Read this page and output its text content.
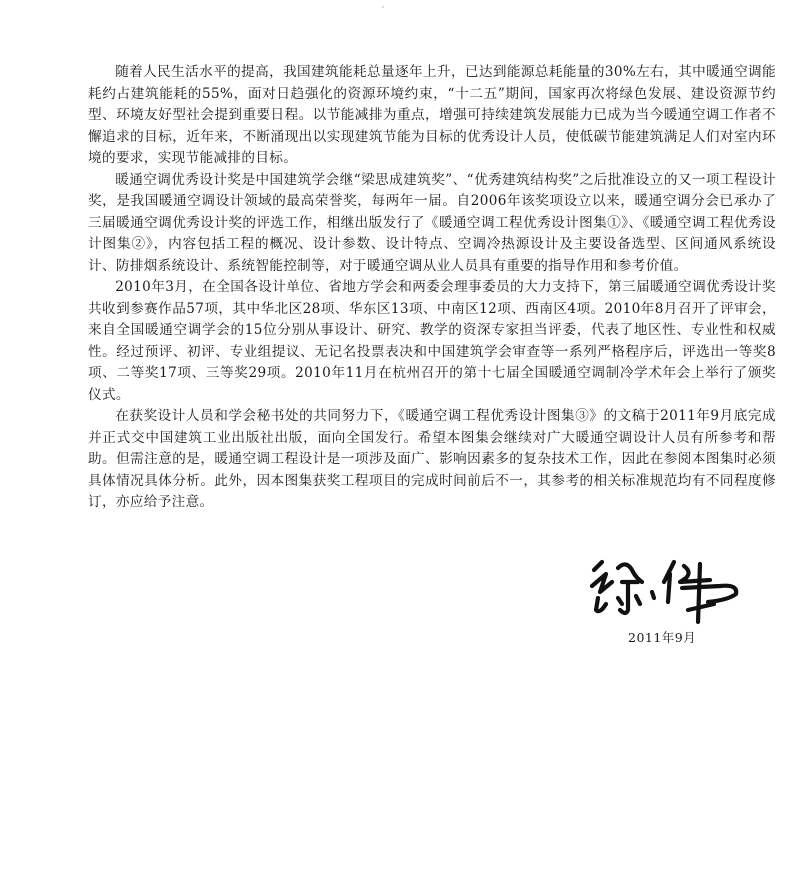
随着人民生活水平的提高，我国建筑能耗总量逐年上升，已达到能源总耗能量的30%左右，其中暖通空调能耗约占建筑能耗的55%，面对日趋强化的资源环境约束，“十二五”期间，国家再次将绿色发展、建设资源节约型、环境友好型社会提到重要日程。以节能减排为重点，增强可持续建筑发展能力已成为当今暖通空调工作者不懈追求的目标，近年来，不断涌现出以实现建筑节能为目标的优秀设计人员，使低碳节能建筑满足人们对室内环境的要求，实现节能减排的目标。

暖通空调优秀设计奖是中国建筑学会继“梁思成建筑奖”、“优秀建筑结构奖”之后批准设立的又一项工程设计奖，是我国暖通空调设计领域的最高荣誉奖，每两年一届。自2006年该奖项设立以来，暖通空调分会已承办了三届暖通空调优秀设计奖的评选工作，相继出版发行了《暖通空调工程优秀设计图集①》、《暖通空调工程优秀设计图集②》，内容包括工程的概况、设计参数、设计特点、空调冷热源设计及主要设备选型、区间通风系统设计、防排烟系统设计、系统智能控制等，对于暖通空调从业人员具有重要的指导作用和参考价值。

2010年3月，在全国各设计单位、省地方学会和两委会理事委员的大力支持下，第三届暖通空调优秀设计奖共收到参赛作品57项，其中华北区28项、华东区13项、中南区12项、西南区4项。2010年8月召开了评审会，来自全国暖通空调学会的15位分别从事设计、研究、教学的资深专家担当评委，代表了地区性、专业性和权威性。经过预评、初评、专业组提议、无记名投票表决和中国建筑学会审查等一系列严格程序后，评选出一等奖8项、二等奖17项、三等奖29项。2010年11月在杭州召开的第十七届全国暖通空调制冷学术年会上举行了颁奖仪式。

在获奖设计人员和学会秘书处的共同努力下，《暖通空调工程优秀设计图集③》的文稿于2011年9月底完成并正式交中国建筑工业出版社出版，面向全国发行。希望本图集会继续对广大暖通空调设计人员有所参考和帮助。但需注意的是，暖通空调工程设计是一项涉及面广、影响因素多的复杂技术工作，因此在参阅本图集时必须具体情况具体分析。此外，因本图集获奖工程项目的完成时间前后不一，其参考的相关标准规范均有不同程度修订，亦应给予注意。

2011年9月
